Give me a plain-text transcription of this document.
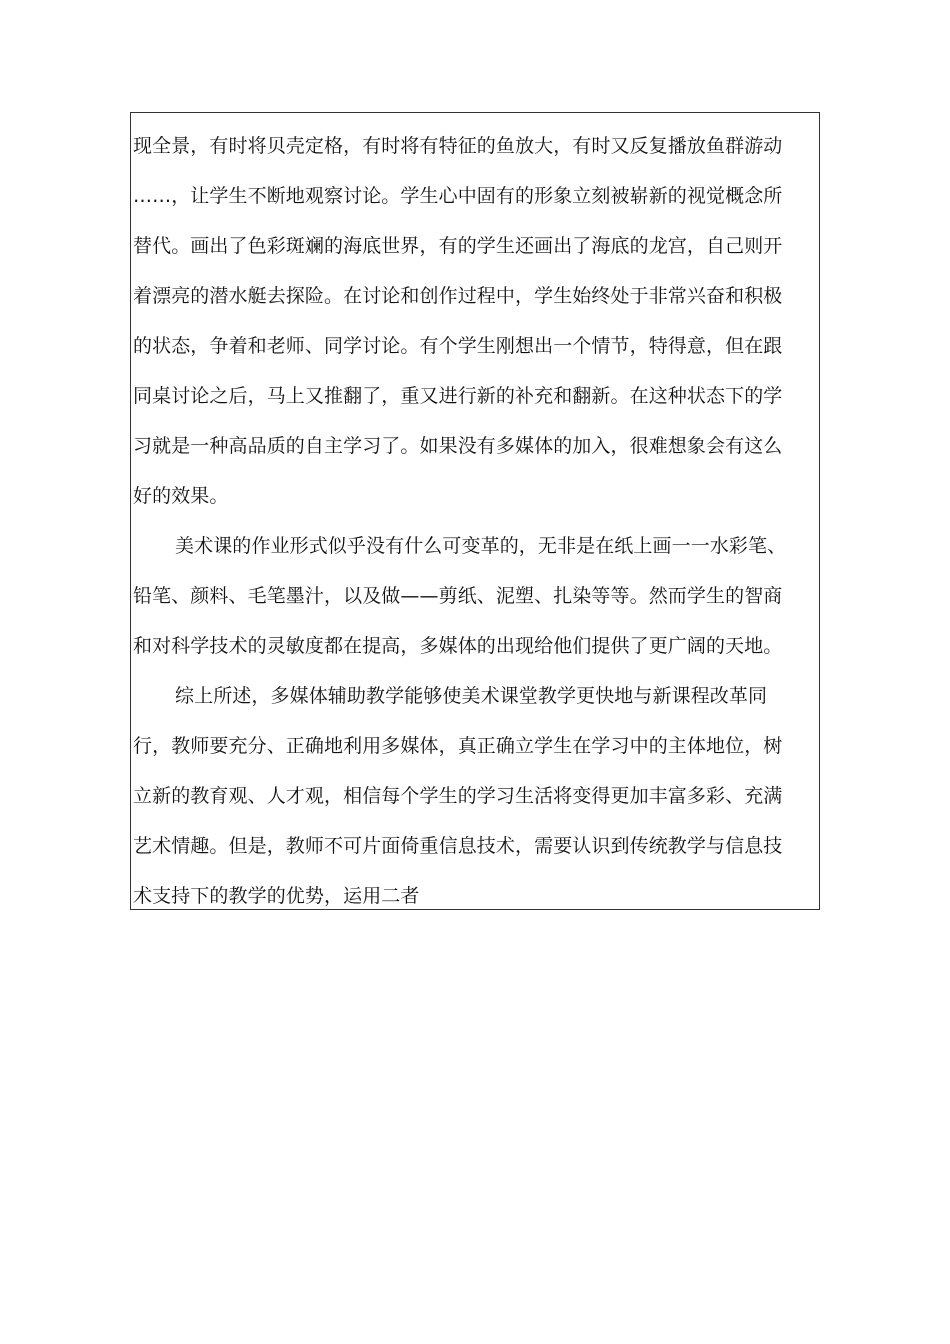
现全景，有时将贝壳定格，有时将有特征的鱼放大，有时又反复播放鱼群游动
……，让学生不断地观察讨论。学生心中固有的形象立刻被崭新的视觉概念所
替代。画出了色彩斑斓的海底世界，有的学生还画出了海底的龙宫，自己则开
着漂亮的潜水艇去探险。在讨论和创作过程中，学生始终处于非常兴奋和积极
的状态，争着和老师、同学讨论。有个学生刚想出一个情节，特得意，但在跟
同桌讨论之后，马上又推翻了，重又进行新的补充和翻新。在这种状态下的学
习就是一种高品质的自主学习了。如果没有多媒体的加入，很难想象会有这么
好的效果。
美术课的作业形式似乎没有什么可变革的，无非是在纸上画一一水彩笔、
铅笔、颜料、毛笔墨汁，以及做——剪纸、泥塑、扎染等等。然而学生的智商
和对科学技术的灵敏度都在提高，多媒体的出现给他们提供了更广阔的天地。
综上所述，多媒体辅助教学能够使美术课堂教学更快地与新课程改革同
行，教师要充分、正确地利用多媒体，真正确立学生在学习中的主体地位，树
立新的教育观、人才观，相信每个学生的学习生活将变得更加丰富多彩、充满
艺术情趣。但是，教师不可片面倚重信息技术，需要认识到传统教学与信息技
术支持下的教学的优势，运用二者
